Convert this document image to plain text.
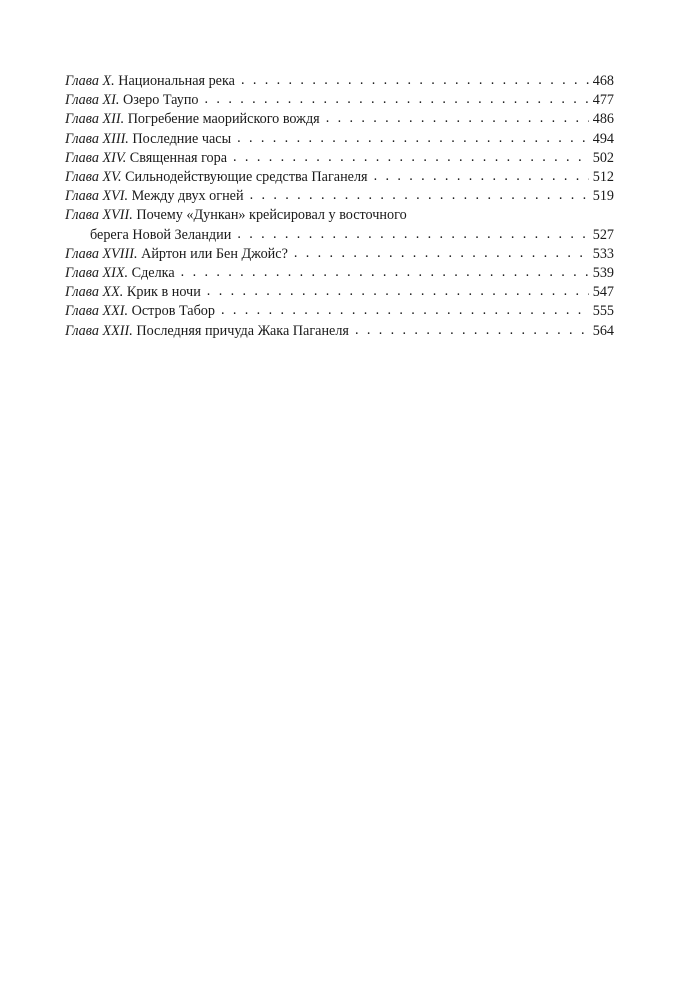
Глава X. Национальная река . . .	468
Глава XI. Озеро Таупо . . .	477
Глава XII. Погребение маорийского вождя . . .	486
Глава XIII. Последние часы . . .	494
Глава XIV. Священная гора . . .	502
Глава XV. Сильнодействующие средства Паганеля . . .	512
Глава XVI. Между двух огней . . .	519
Глава XVII. Почему «Дункан» крейсировал у восточного
берега Новой Зеландии . . .	527
Глава XVIII. Айртон или Бен Джойс? . . .	533
Глава XIX. Сделка . . .	539
Глава XX. Крик в ночи . . .	547
Глава XXI. Остров Табор . . .	555
Глава XXII. Последняя причуда Жака Паганеля . . .	564
